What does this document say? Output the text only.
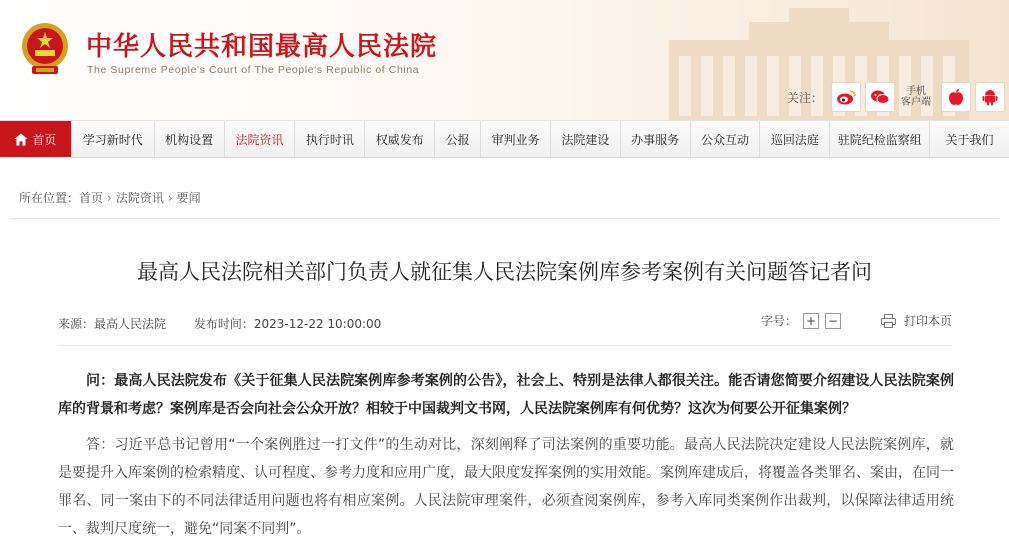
中华人民共和国最高人民法院
The Supreme People's Court of The People's Republic of China
关注：	手机
客户端
首页	学习新时代	机构设置	法院资讯	执行时讯	权威发布	公报	审判业务	法院建设	办事服务	公众互动	巡回法庭	驻院纪检监察组	关于我们
所在位置：首页 › 法院资讯 › 要闻
最高人民法院相关部门负责人就征集人民法院案例库参考案例有关问题答记者问
来源：最高人民法院 发布时间：2023-12-22 10:00:00	字号： + −	打印本页

问：最高人民法院发布《关于征集人民法院案例库参考案例的公告》，社会上、特别是法律人都很关注。能否请您简要介绍建设人民法院案例库的背景和考虑？案例库是否会向社会公众开放？相较于中国裁判文书网，人民法院案例库有何优势？这次为何要公开征集案例？

答：习近平总书记曾用“一个案例胜过一打文件”的生动对比，深刻阐释了司法案例的重要功能。最高人民法院决定建设人民法院案例库，就是要提升入库案例的检索精度、认可程度、参考力度和应用广度，最大限度发挥案例的实用效能。案例库建成后，将覆盖各类罪名、案由，在同一罪名、同一案由下的不同法律适用问题也将有相应案例。人民法院审理案件，必须查阅案例库，参考入库同类案例作出裁判，以保障法律适用统一、裁判尺度统一，避免“同案不同判”。
